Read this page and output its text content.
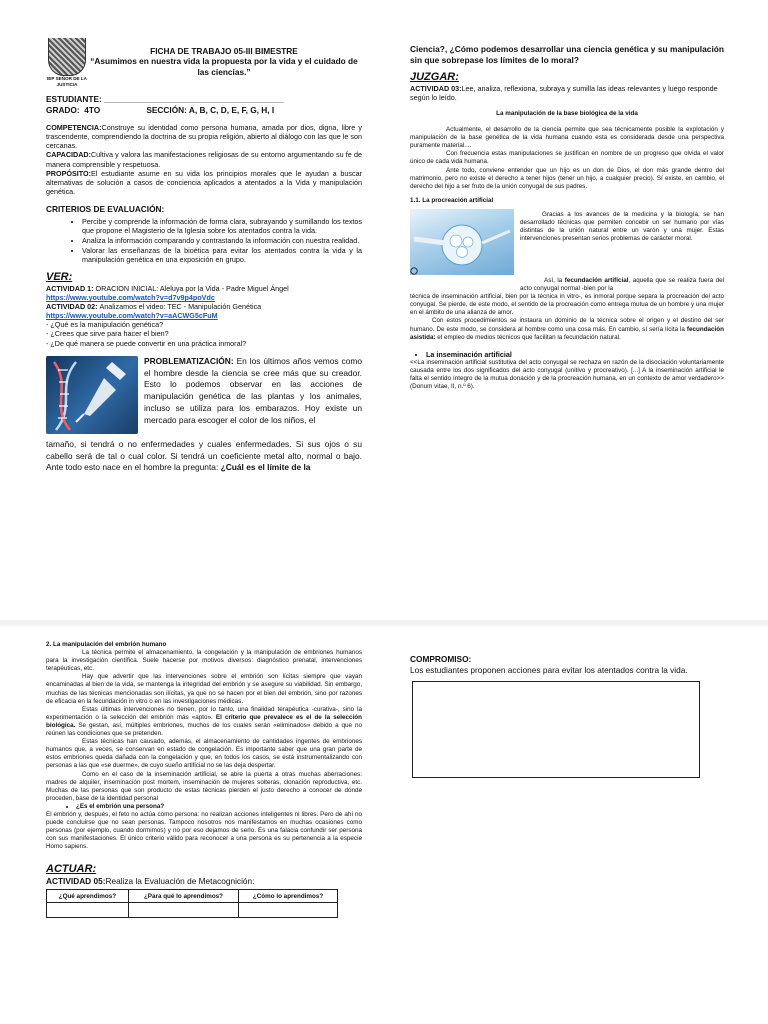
IEP SEÑOR DE LA JUSTICIA
FICHA DE TRABAJO 05-III BIMESTRE
“Asumimos en nuestra vida la propuesta por la vida y el cuidado de las ciencias.”

ESTUDIANTE: _______________________________________

GRADO:  4TO                    SECCIÓN: A, B, C, D, E, F, G, H, I

COMPETENCIA:Construye su identidad como persona humana, amada por dios, digna, libre y trascendente, comprendiendo la doctrina de su propia religión, abierto al diálogo con las que le son cercanas.

CAPACIDAD:Cultiva y valora las manifestaciones religiosas de su entorno argumentando su fe de manera comprensible y respetuosa.

PROPÓSITO:El estudiante asume en su vida los principios morales que le ayudan a buscar alternativas de solución a casos de conciencia aplicados a atentados a la Vida y manipulación genética.

CRITERIOS DE EVALUACIÓN:

• Percibe y comprende la información de forma clara, subrayando y sumillando los textos que propone el Magisterio de la Iglesia sobre los atentados contra la vida.
• Analiza la información comparando y contrastando la información con nuestra realidad.
• Valorar las enseñanzas de la bioética para evitar los atentados contra la vida y la manipulación genética en una exposición en grupo.

VER:

ACTIVIDAD 1: ORACION INICIAL: Aleluya por la Vida - Padre Miguel Ángel

https://www.youtube.com/watch?v=d7v9p4poVdc

ACTIVIDAD 02: Analizamos el video: TEC - Manipulación Genética

https://www.youtube.com/watch?v=aACWG5cFuM

- ¿Qué es la manipulación genética?

- ¿Crees que sirve para hacer el bien?

- ¿De qué manera se puede convertir en una práctica inmoral?

PROBLEMATIZACIÓN: En los últimos años vemos como el hombre desde la ciencia se cree más que su creador. Esto lo podemos observar en las acciones de manipulación genética de las plantas y los animales, incluso se utiliza para los embarazos. Hoy existe un mercado para escoger el color de los niños, el

tamaño, si tendrá o no enfermedades y cuales enfermedades. Si sus ojos o su cabello será de tal o cual color. Si tendrá un coeficiente metal alto, normal o bajo. Ante todo esto nace en el hombre la pregunta: ¿Cuál es el límite de la

Ciencia?, ¿Cómo podemos desarrollar una ciencia genética y su manipulación sin que sobrepase los límites de lo moral?

JUZGAR:

ACTIVIDAD 03:Lee, analiza, reflexiona, subraya y sumilla las ideas relevantes y luego responde según lo leído.

La manipulación de la base biológica de la vida

Actualmente, el desarrollo de la ciencia permite que sea técnicamente posible la explotación y manipulación de la base genética de la vida humana cuando esta es considerada desde una perspectiva puramente material....

Con frecuencia estas manipulaciones se justifican en nombre de un progreso que olvida el valor único de cada vida humana.

Ante todo, conviene entender que un hijo es un don de Dios, el don más grande dentro del matrimonio, pero no existe el derecho a tener hijos (tener un hijo, a cualquier precio). Sí existe, en cambio, el derecho del hijo a ser fruto de la unión conyugal de sus padres.

1.1. La procreación artificial

Gracias a los avances de la medicina y la biología, se han desarrollado técnicas que permiten concebir un ser humano por vías distintas de la unión natural entre un varón y una mujer. Estas intervenciones presentan serios problemas de carácter moral.

Así, la fecundación artificial, aquella que se realiza fuera del acto conyugal normal -bien por la

técnica de inseminación artificial, bien por la técnica in vitro-, es inmoral porque separa la procreación del acto conyugal. Se pierde, de este modo, el sentido de la procreación como entrega mutua de un hombre y una mujer en el ámbito de una alianza de amor.

Con estos procedimientos se instaura un dominio de la técnica sobre el origen y el destino del ser humano. De este modo, se considera al hombre como una cosa más. En cambio, sí sería lícita la fecundación asistida: el empleo de medios técnicos que facilitan la fecundación natural.

• La inseminación artificial

<<La inseminación artificial sustitutiva del acto conyugal se rechaza en razón de la disociación voluntariamente causada entre los dos significados del acto conyugal (unitivo y procreativo). [...] A la inseminación artificial le falta el sentido íntegro de la mutua donación y de la procreación humana, en un contexto de amor verdadero>> (Donum vitae, II, n.º 6).

2. La manipulación del embrión humano

La técnica permite el almacenamiento, la congelación y la manipulación de embriones humanos para la investigación científica. Suele hacerse por motivos diversos: diagnóstico prenatal, intervenciones terapéuticas, etc.

Hay que advertir que las intervenciones sobre el embrión son lícitas siempre que vayan encaminadas al bien de la vida, se mantenga la integridad del embrión y se asegure su viabilidad. Sin embargo, muchas de las técnicas mencionadas son ilícitas, ya que no se hacen por el bien del embrión, sino por razones de eficacia en la fecundación in vitro o en las investigaciones médicas.

Estas últimas intervenciones no tienen, por lo tanto, una finalidad terapéutica -curativa-, sino la experimentación o la selección del embrión más «apto». El criterio que prevalece es el de la selección biológica. Se gestan, así, múltiples embriones, muchos de los cuales serán «eliminados» debido a que no reúnen las condiciones que se pretenden.

Estas técnicas han causado, además, el almacenamiento de cantidades ingentes de embriones humanos que, a veces, se conservan en estado de congelación. Es importante saber que una gran parte de estos embriones queda dañada con la congelación y que, en todos los casos, se está instrumentalizando con personas a las que «se duerme», de cuyo sueño artificial no se las deja despertar.

Como en el caso de la inseminación artificial, se abre la puerta a otras muchas aberraciones: madres de alquiler, inseminación post mortem, inseminación de mujeres solteras, clonación reproductiva, etc. Muchas de las personas que son producto de estas técnicas pierden el justo derecho a conocer de dónde proceden, base de la identidad personal

• ¿Es el embrión una persona?

El embrión y, después, el feto no actúa como persona: no realizan acciones inteligentes ni libres. Pero de ahí no puede concluirse que no sean personas. Tampoco nosotros nos manifestamos en muchas ocasiones como personas (por ejemplo, cuando dormimos) y no por eso dejamos de serlo. Es una falacia confundir ser persona con sus manifestaciones. El único criterio válido para reconocer a una persona es su pertenencia a la especie Homo sapiens.

ACTUAR:

ACTIVIDAD 05:Realiza la Evaluación de Metacognición:

¿Qué aprendimos?	¿Para qué lo aprendimos?	¿Cómo lo aprendimos?

COMPROMISO:

Los estudiantes proponen acciones para evitar los atentados contra la vida.
